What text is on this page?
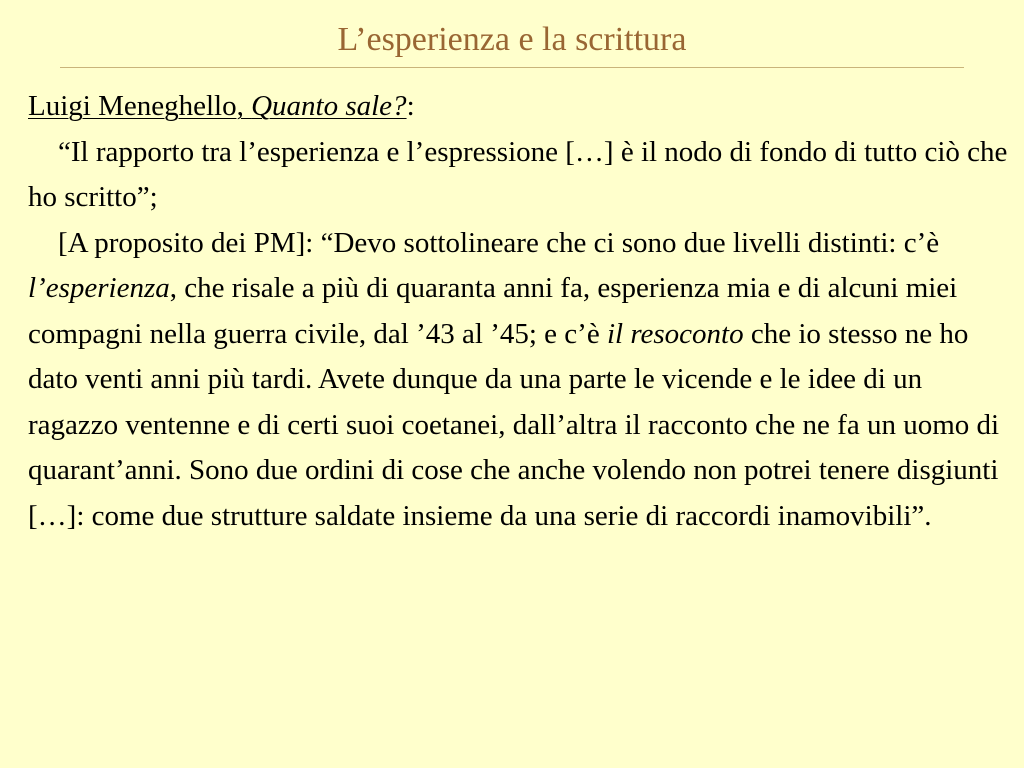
L’esperienza e la scrittura

Luigi Meneghello, Quanto sale?:

“Il rapporto tra l’esperienza e l’espressione […] è il nodo di fondo di tutto ciò che ho scritto”;

[A proposito dei PM]: “Devo sottolineare che ci sono due livelli distinti: c’è l’esperienza, che risale a più di quaranta anni fa, esperienza mia e di alcuni miei compagni nella guerra civile, dal ’43 al ’45; e c’è il resoconto che io stesso ne ho dato venti anni più tardi. Avete dunque da una parte le vicende e le idee di un ragazzo ventenne e di certi suoi coetanei, dall’altra il racconto che ne fa un uomo di quarant’anni. Sono due ordini di cose che anche volendo non potrei tenere disgiunti […]: come due strutture saldate insieme da una serie di raccordi inamovibili”.
